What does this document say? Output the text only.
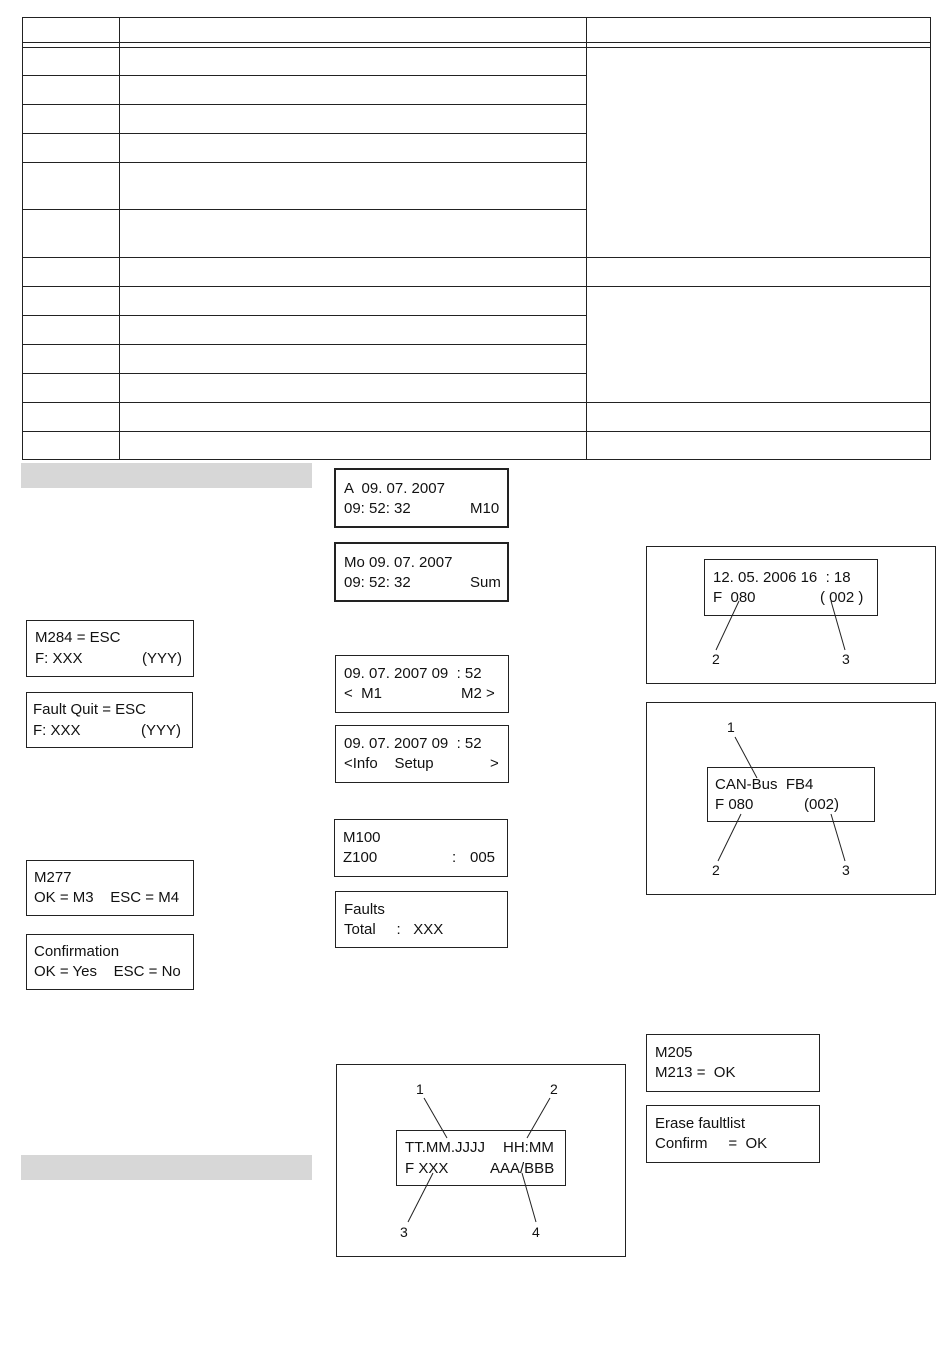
M284 = ESC
F: XXX	(YYY)
Fault Quit = ESC
F: XXX	(YYY)
M277
OK = M3    ESC = M4
Confirmation
OK = Yes    ESC = No
A  09. 07. 2007
09: 52: 32	M10
Mo 09. 07. 2007
09: 52: 32	Sum
09. 07. 2007 09  : 52
<  M1	M2 >
09. 07. 2007 09  : 52
<Info    Setup	>
M100
Z100	: 005
Faults
Total     :   XXX
TT.MM.JJJJ HH:MM
F XXX	AAA/BBB
1	2
3	4
12. 05. 2006 16  : 18
F  080	( 002 )
2	3
CAN-Bus  FB4
F 080	(002)
1
2	3
M205
M213 =  OK
Erase faultlist
Confirm     =  OK
